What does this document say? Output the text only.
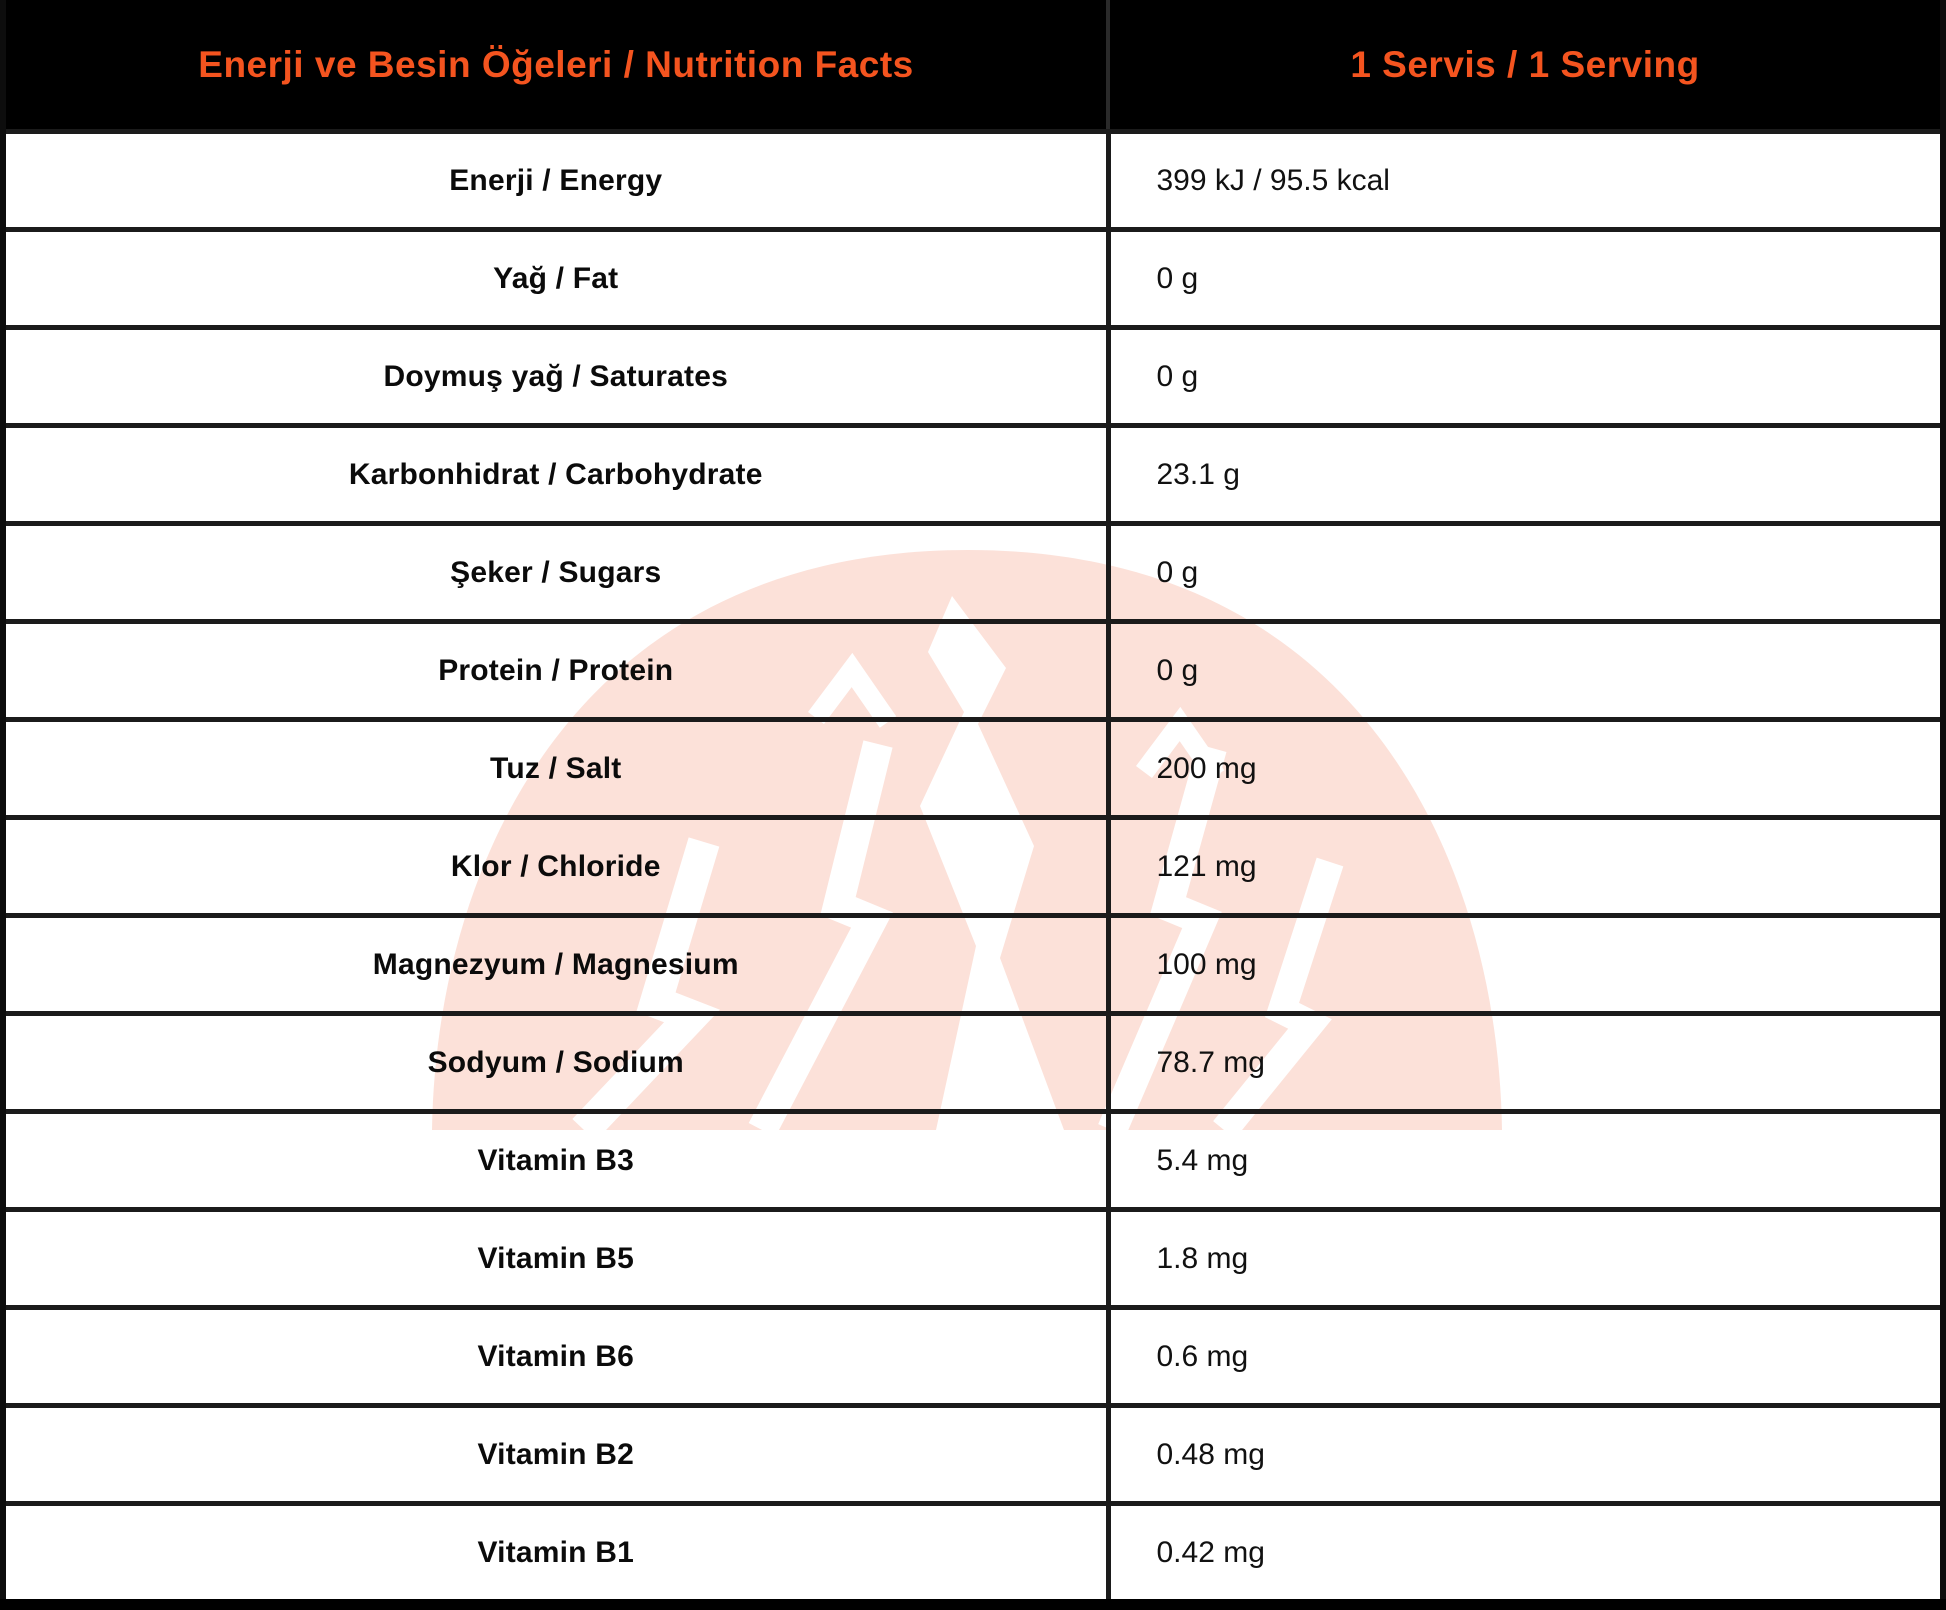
Enerji ve Besin Öğeleri / Nutrition Facts	1 Servis / 1 Serving
Enerji / Energy	399 kJ / 95.5 kcal
Yağ / Fat	0 g
Doymuş yağ / Saturates	0 g
Karbonhidrat / Carbohydrate	23.1 g
Şeker / Sugars	0 g
Protein / Protein	0 g
Tuz / Salt	200 mg
Klor / Chloride	121 mg
Magnezyum / Magnesium	100 mg
Sodyum / Sodium	78.7 mg
Vitamin B3	5.4 mg
Vitamin B5	1.8 mg
Vitamin B6	0.6 mg
Vitamin B2	0.48 mg
Vitamin B1	0.42 mg
